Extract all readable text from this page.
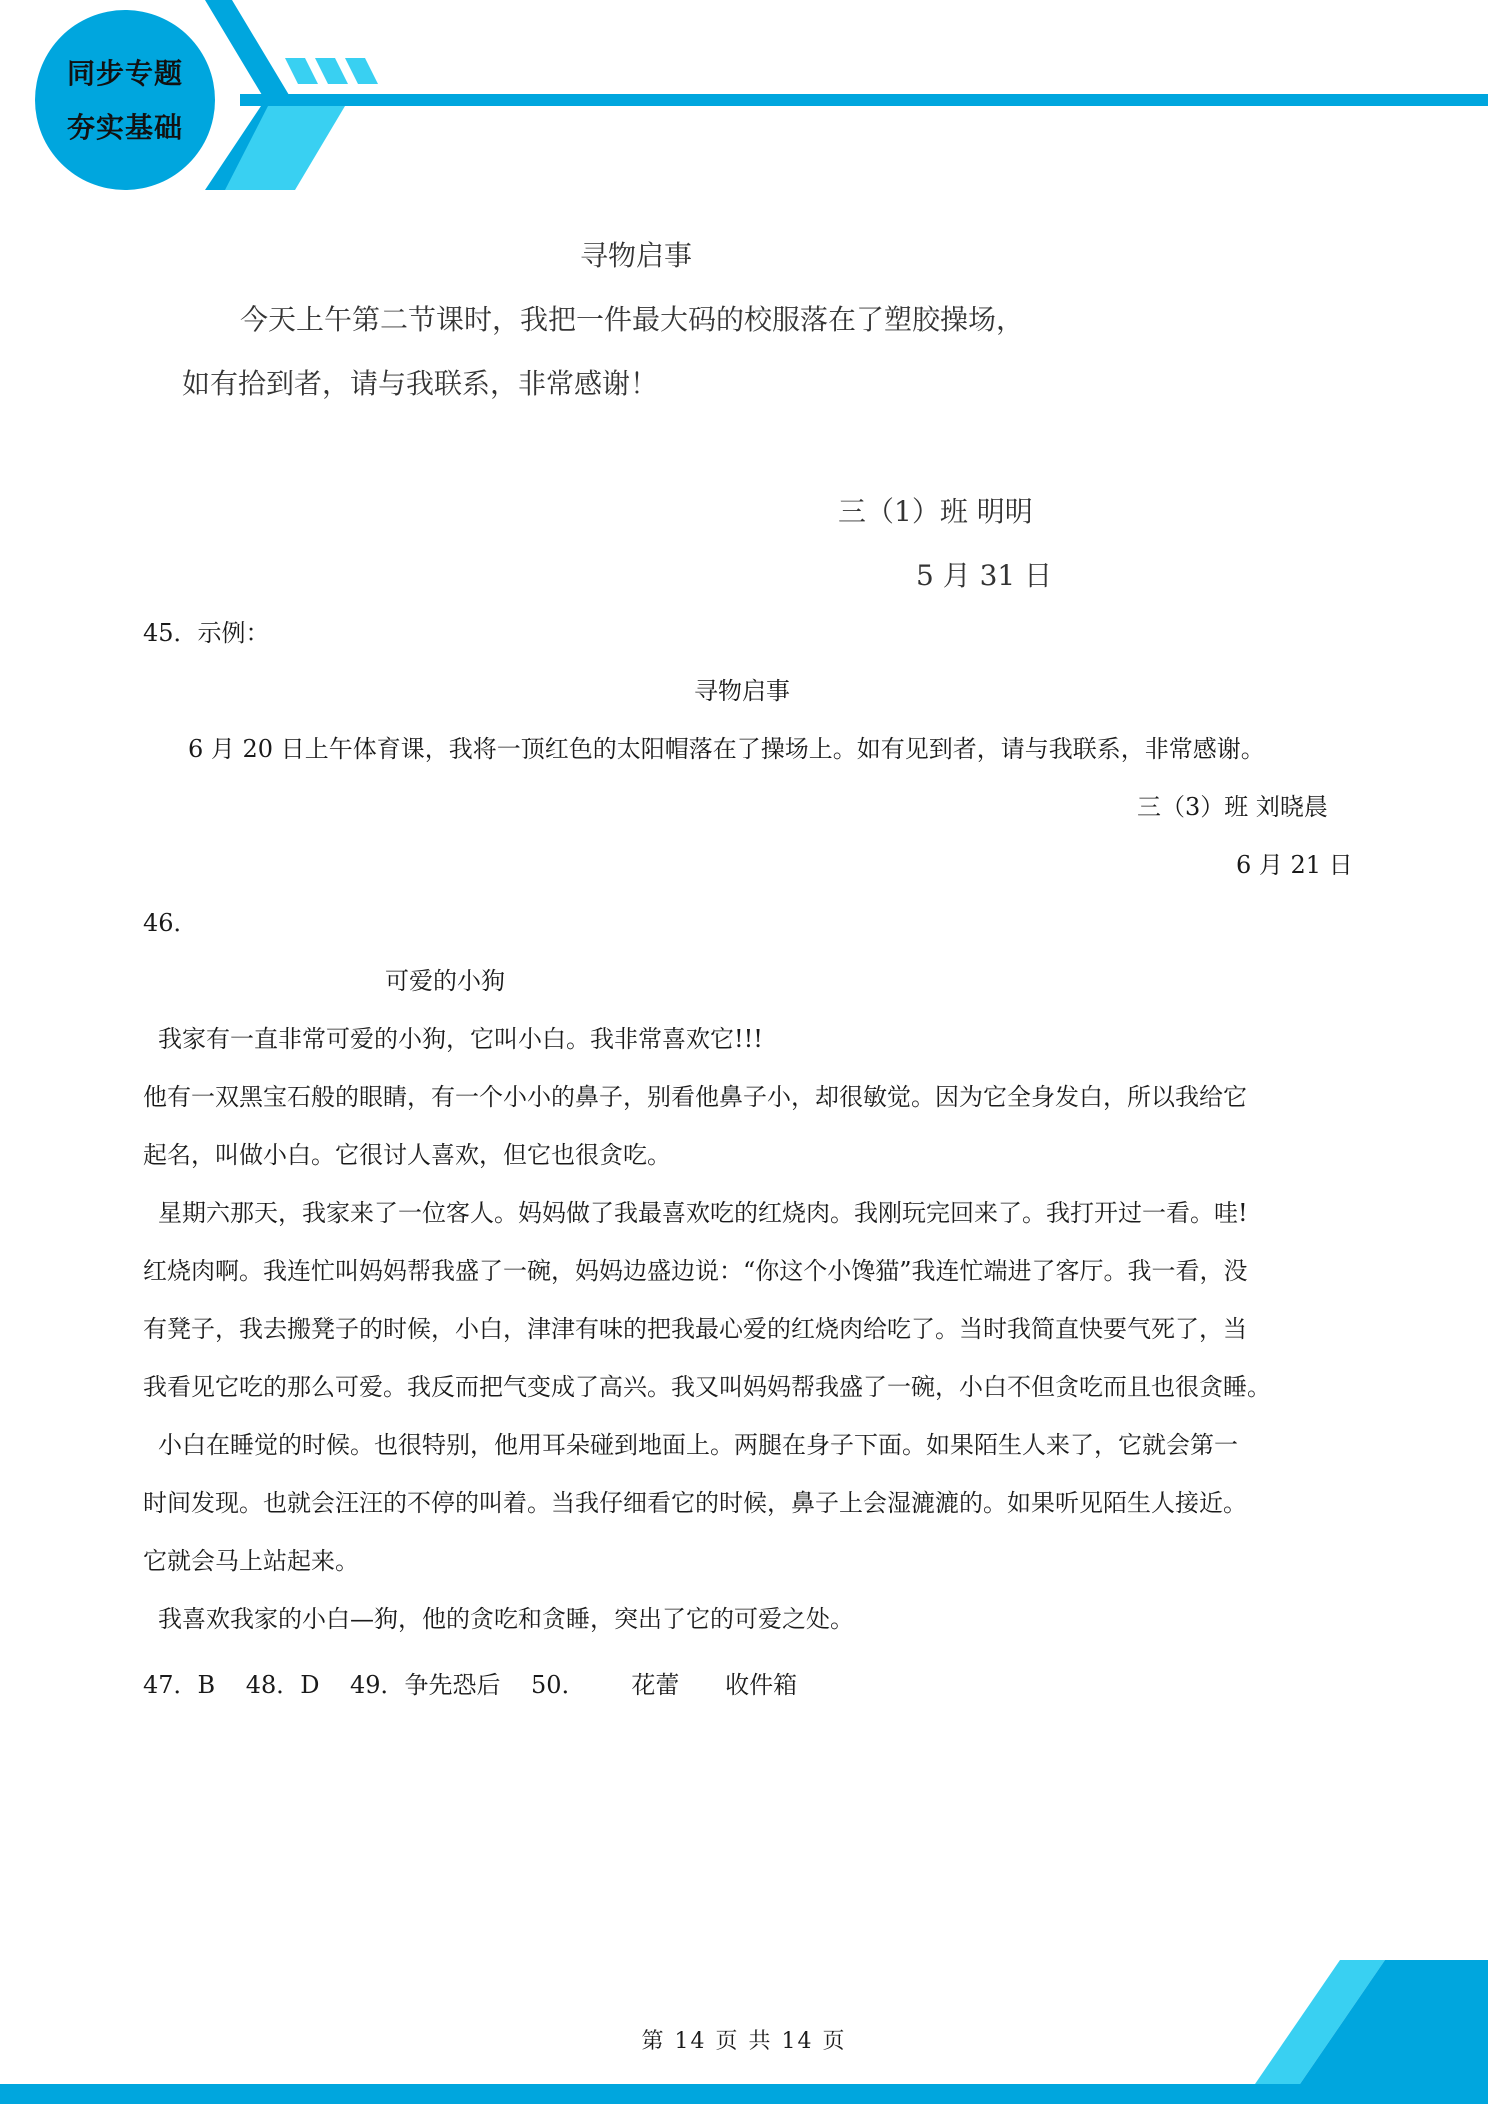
同步专题
夯实基础
寻物启事
今天上午第二节课时，我把一件最大码的校服落在了塑胶操场，
如有拾到者，请与我联系，非常感谢！
三（1）班 明明
5 月 31 日
45．示例：
寻物启事
6 月 20 日上午体育课，我将一顶红色的太阳帽落在了操场上。如有见到者，请与我联系，非常感谢。
三（3）班 刘晓晨
6 月 21 日
46．
可爱的小狗
我家有一直非常可爱的小狗，它叫小白。我非常喜欢它!!!
他有一双黑宝石般的眼睛，有一个小小的鼻子，别看他鼻子小，却很敏觉。因为它全身发白，所以我给它
起名，叫做小白。它很讨人喜欢，但它也很贪吃。
星期六那天，我家来了一位客人。妈妈做了我最喜欢吃的红烧肉。我刚玩完回来了。我打开过一看。哇!
红烧肉啊。我连忙叫妈妈帮我盛了一碗，妈妈边盛边说：“你这个小馋猫”我连忙端进了客厅。我一看，没
有凳子，我去搬凳子的时候，小白，津津有味的把我最心爱的红烧肉给吃了。当时我简直快要气死了，当
我看见它吃的那么可爱。我反而把气变成了高兴。我又叫妈妈帮我盛了一碗，小白不但贪吃而且也很贪睡。
小白在睡觉的时候。也很特别，他用耳朵碰到地面上。两腿在身子下面。如果陌生人来了，它就会第一
时间发现。也就会汪汪的不停的叫着。当我仔细看它的时候，鼻子上会湿漉漉的。如果听见陌生人接近。
它就会马上站起来。
我喜欢我家的小白—狗，他的贪吃和贪睡，突出了它的可爱之处。
47．B    48．D    49．争先恐后    50．      花蕾      收件箱
第 14 页 共 14 页
